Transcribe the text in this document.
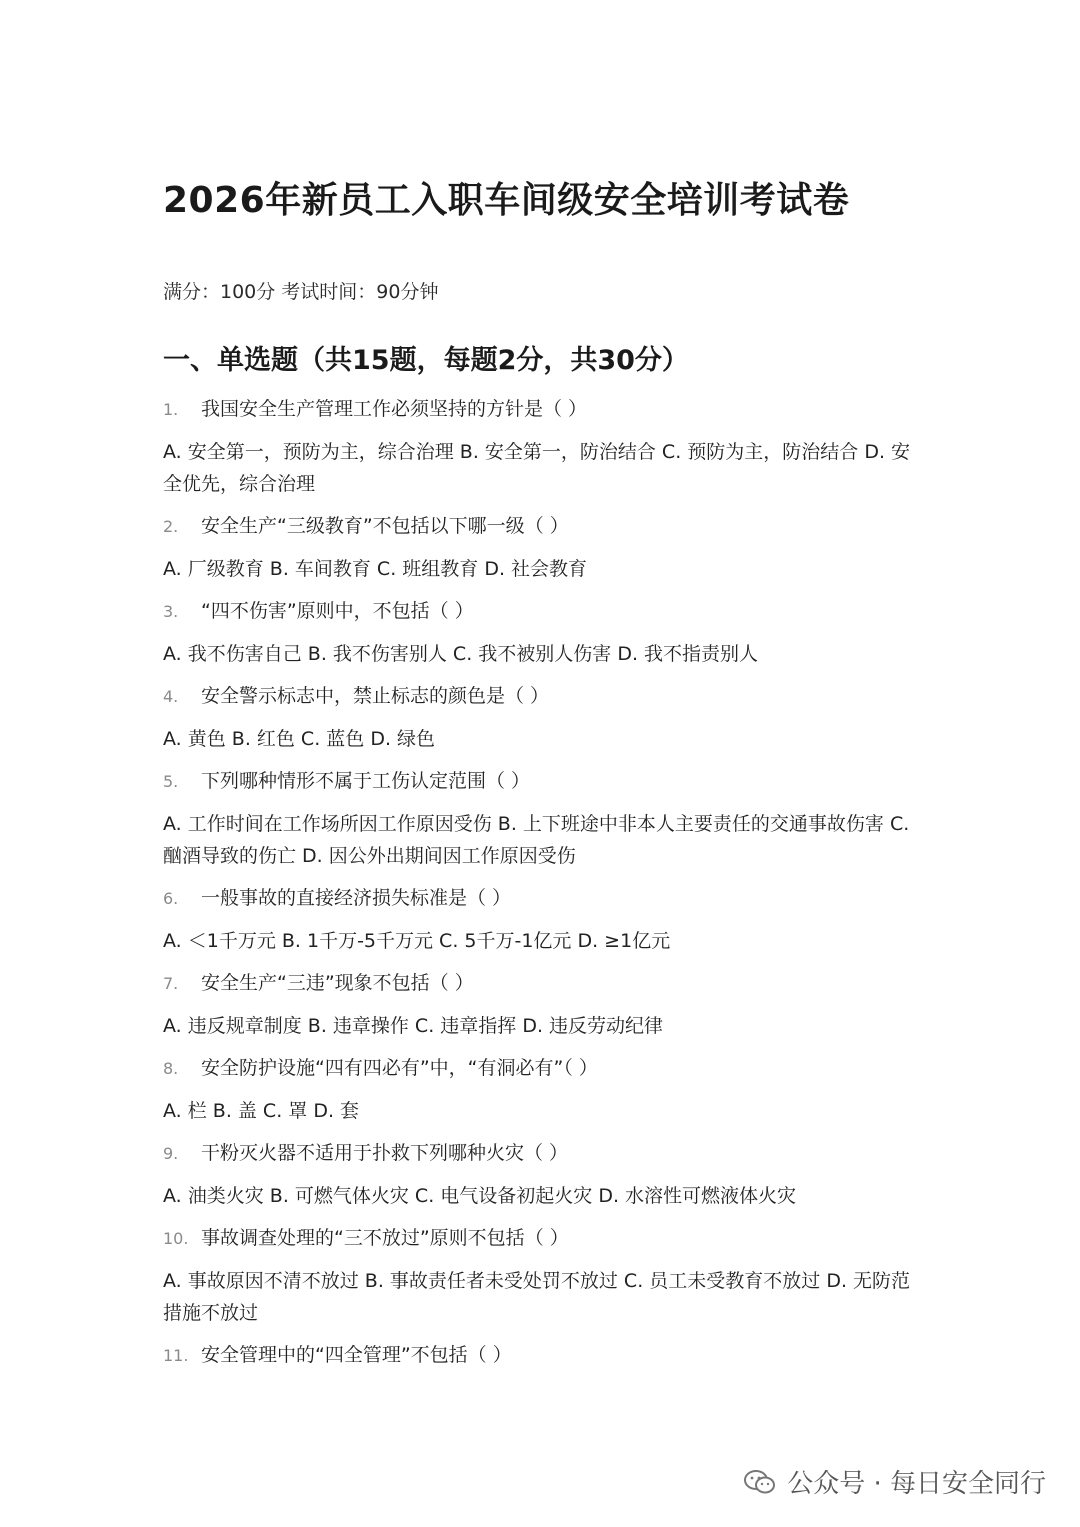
2026年新员工入职车间级安全培训考试卷
满分：100分 考试时间：90分钟
一、单选题（共15题，每题2分，共30分）
1.	我国安全生产管理工作必须坚持的方针是（ ）
A. 安全第一，预防为主，综合治理 B. 安全第一，防治结合 C. 预防为主，防治结合 D. 安全优先，综合治理
2.	安全生产“三级教育”不包括以下哪一级（ ）
A. 厂级教育 B. 车间教育 C. 班组教育 D. 社会教育
3.	“四不伤害”原则中，不包括（ ）
A. 我不伤害自己 B. 我不伤害别人 C. 我不被别人伤害 D. 我不指责别人
4.	安全警示标志中，禁止标志的颜色是（ ）
A. 黄色 B. 红色 C. 蓝色 D. 绿色
5.	下列哪种情形不属于工伤认定范围（ ）
A. 工作时间在工作场所因工作原因受伤 B. 上下班途中非本人主要责任的交通事故伤害 C. 酗酒导致的伤亡 D. 因公外出期间因工作原因受伤
6.	一般事故的直接经济损失标准是（ ）
A. ＜1千万元 B. 1千万-5千万元 C. 5千万-1亿元 D. ≥1亿元
7.	安全生产“三违”现象不包括（ ）
A. 违反规章制度 B. 违章操作 C. 违章指挥 D. 违反劳动纪律
8.	安全防护设施“四有四必有”中，“有洞必有”（ ）
A. 栏 B. 盖 C. 罩 D. 套
9.	干粉灭火器不适用于扑救下列哪种火灾（ ）
A. 油类火灾 B. 可燃气体火灾 C. 电气设备初起火灾 D. 水溶性可燃液体火灾
10. 事故调查处理的“三不放过”原则不包括（ ）
A. 事故原因不清不放过 B. 事故责任者未受处罚不放过 C. 员工未受教育不放过 D. 无防范措施不放过
11. 安全管理中的“四全管理”不包括（ ）
公众号 · 每日安全同行
